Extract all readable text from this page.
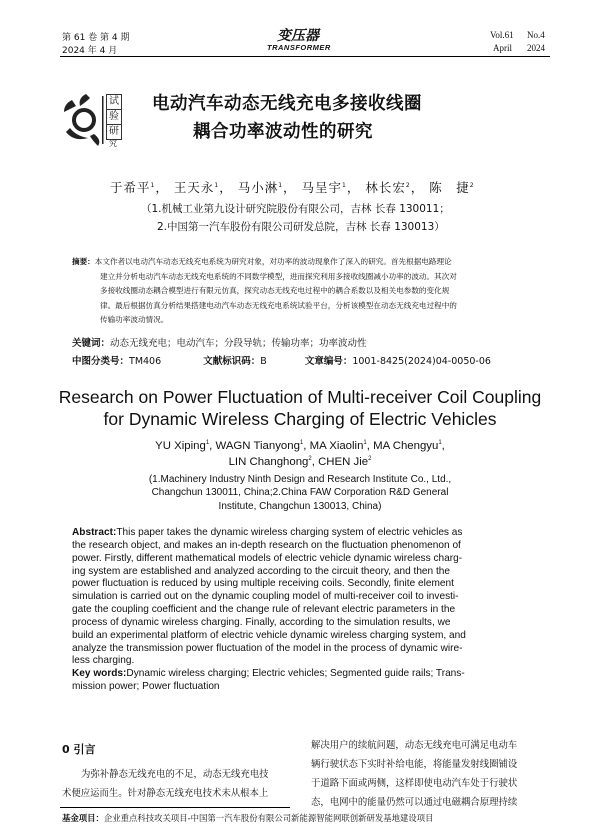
第 61 卷 第 4 期
2024 年 4 月
变压器
TRANSFORMER
Vol.61 No.4
April 2024
试
验
研
究
电动汽车动态无线充电多接收线圈
耦合功率波动性的研究
于希平$^1$， 王天永$^1$， 马小淋$^1$， 马呈宇$^1$， 林长宏$^2$， 陈　捷$^2$
（1.机械工业第九设计研究院股份有限公司，吉林 长春 130011；
2.中国第一汽车股份有限公司研发总院，吉林 长春 130013）
摘要：本文作者以电动汽车动态无线充电系统为研究对象，对功率的波动现象作了深入的研究。首先根据电路理论
建立并分析电动汽车动态无线充电系统的不同数学模型，进而探究利用多接收线圈减小功率的波动。其次对
多接收线圈动态耦合模型进行有限元仿真，探究动态无线充电过程中的耦合系数以及相关电参数的变化规
律。最后根据仿真分析结果搭建电动汽车动态无线充电系统试验平台，分析该模型在动态无线充电过程中的
传输功率波动情况。
关键词：动态无线充电；电动汽车；分段导轨；传输功率；功率波动性
中图分类号：TM406	文献标识码：B	文章编号：1001-8425(2024)04-0050-06
Research on Power Fluctuation of Multi-receiver Coil Coupling
for Dynamic Wireless Charging of Electric Vehicles
YU Xiping$^1$, WAGN Tianyong$^1$, MA Xiaolin$^1$, MA Chengyu$^1$,
LIN Changhong$^2$, CHEN Jie$^2$
(1.Machinery Industry Ninth Design and Research Institute Co., Ltd.,
Changchun 130011, China;2.China FAW Corporation R&D General
Institute, Changchun 130013, China)
Abstract:This paper takes the dynamic wireless charging system of electric vehicles as
the research object, and makes an in-depth research on the fluctuation phenomenon of
power. Firstly, different mathematical models of electric vehicle dynamic wireless charg-
ing system are established and analyzed according to the circuit theory, and then the
power fluctuation is reduced by using multiple receiving coils. Secondly, finite element
simulation is carried out on the dynamic coupling model of multi-receiver coil to investi-
gate the coupling coefficient and the change rule of relevant electric parameters in the
process of dynamic wireless charging. Finally, according to the simulation results, we
build an experimental platform of electric vehicle dynamic wireless charging system, and
analyze the transmission power fluctuation of the model in the process of dynamic wire-
less charging.
Key words:Dynamic wireless charging; Electric vehicles; Segmented guide rails; Trans-
mission power; Power fluctuation
0 引言
为弥补静态无线充电的不足，动态无线充电技
术便应运而生。针对静态无线充电技术未从根本上
解决用户的续航问题，动态无线充电可满足电动车
辆行驶状态下实时补给电能，将能量发射线圈铺设
于道路下面或两侧，这样即使电动汽车处于行驶状
态，电网中的能量仍然可以通过电磁耦合原理持续
基金项目：企业重点科技攻关项目-中国第一汽车股份有限公司新能源智能网联创新研发基地建设项目
